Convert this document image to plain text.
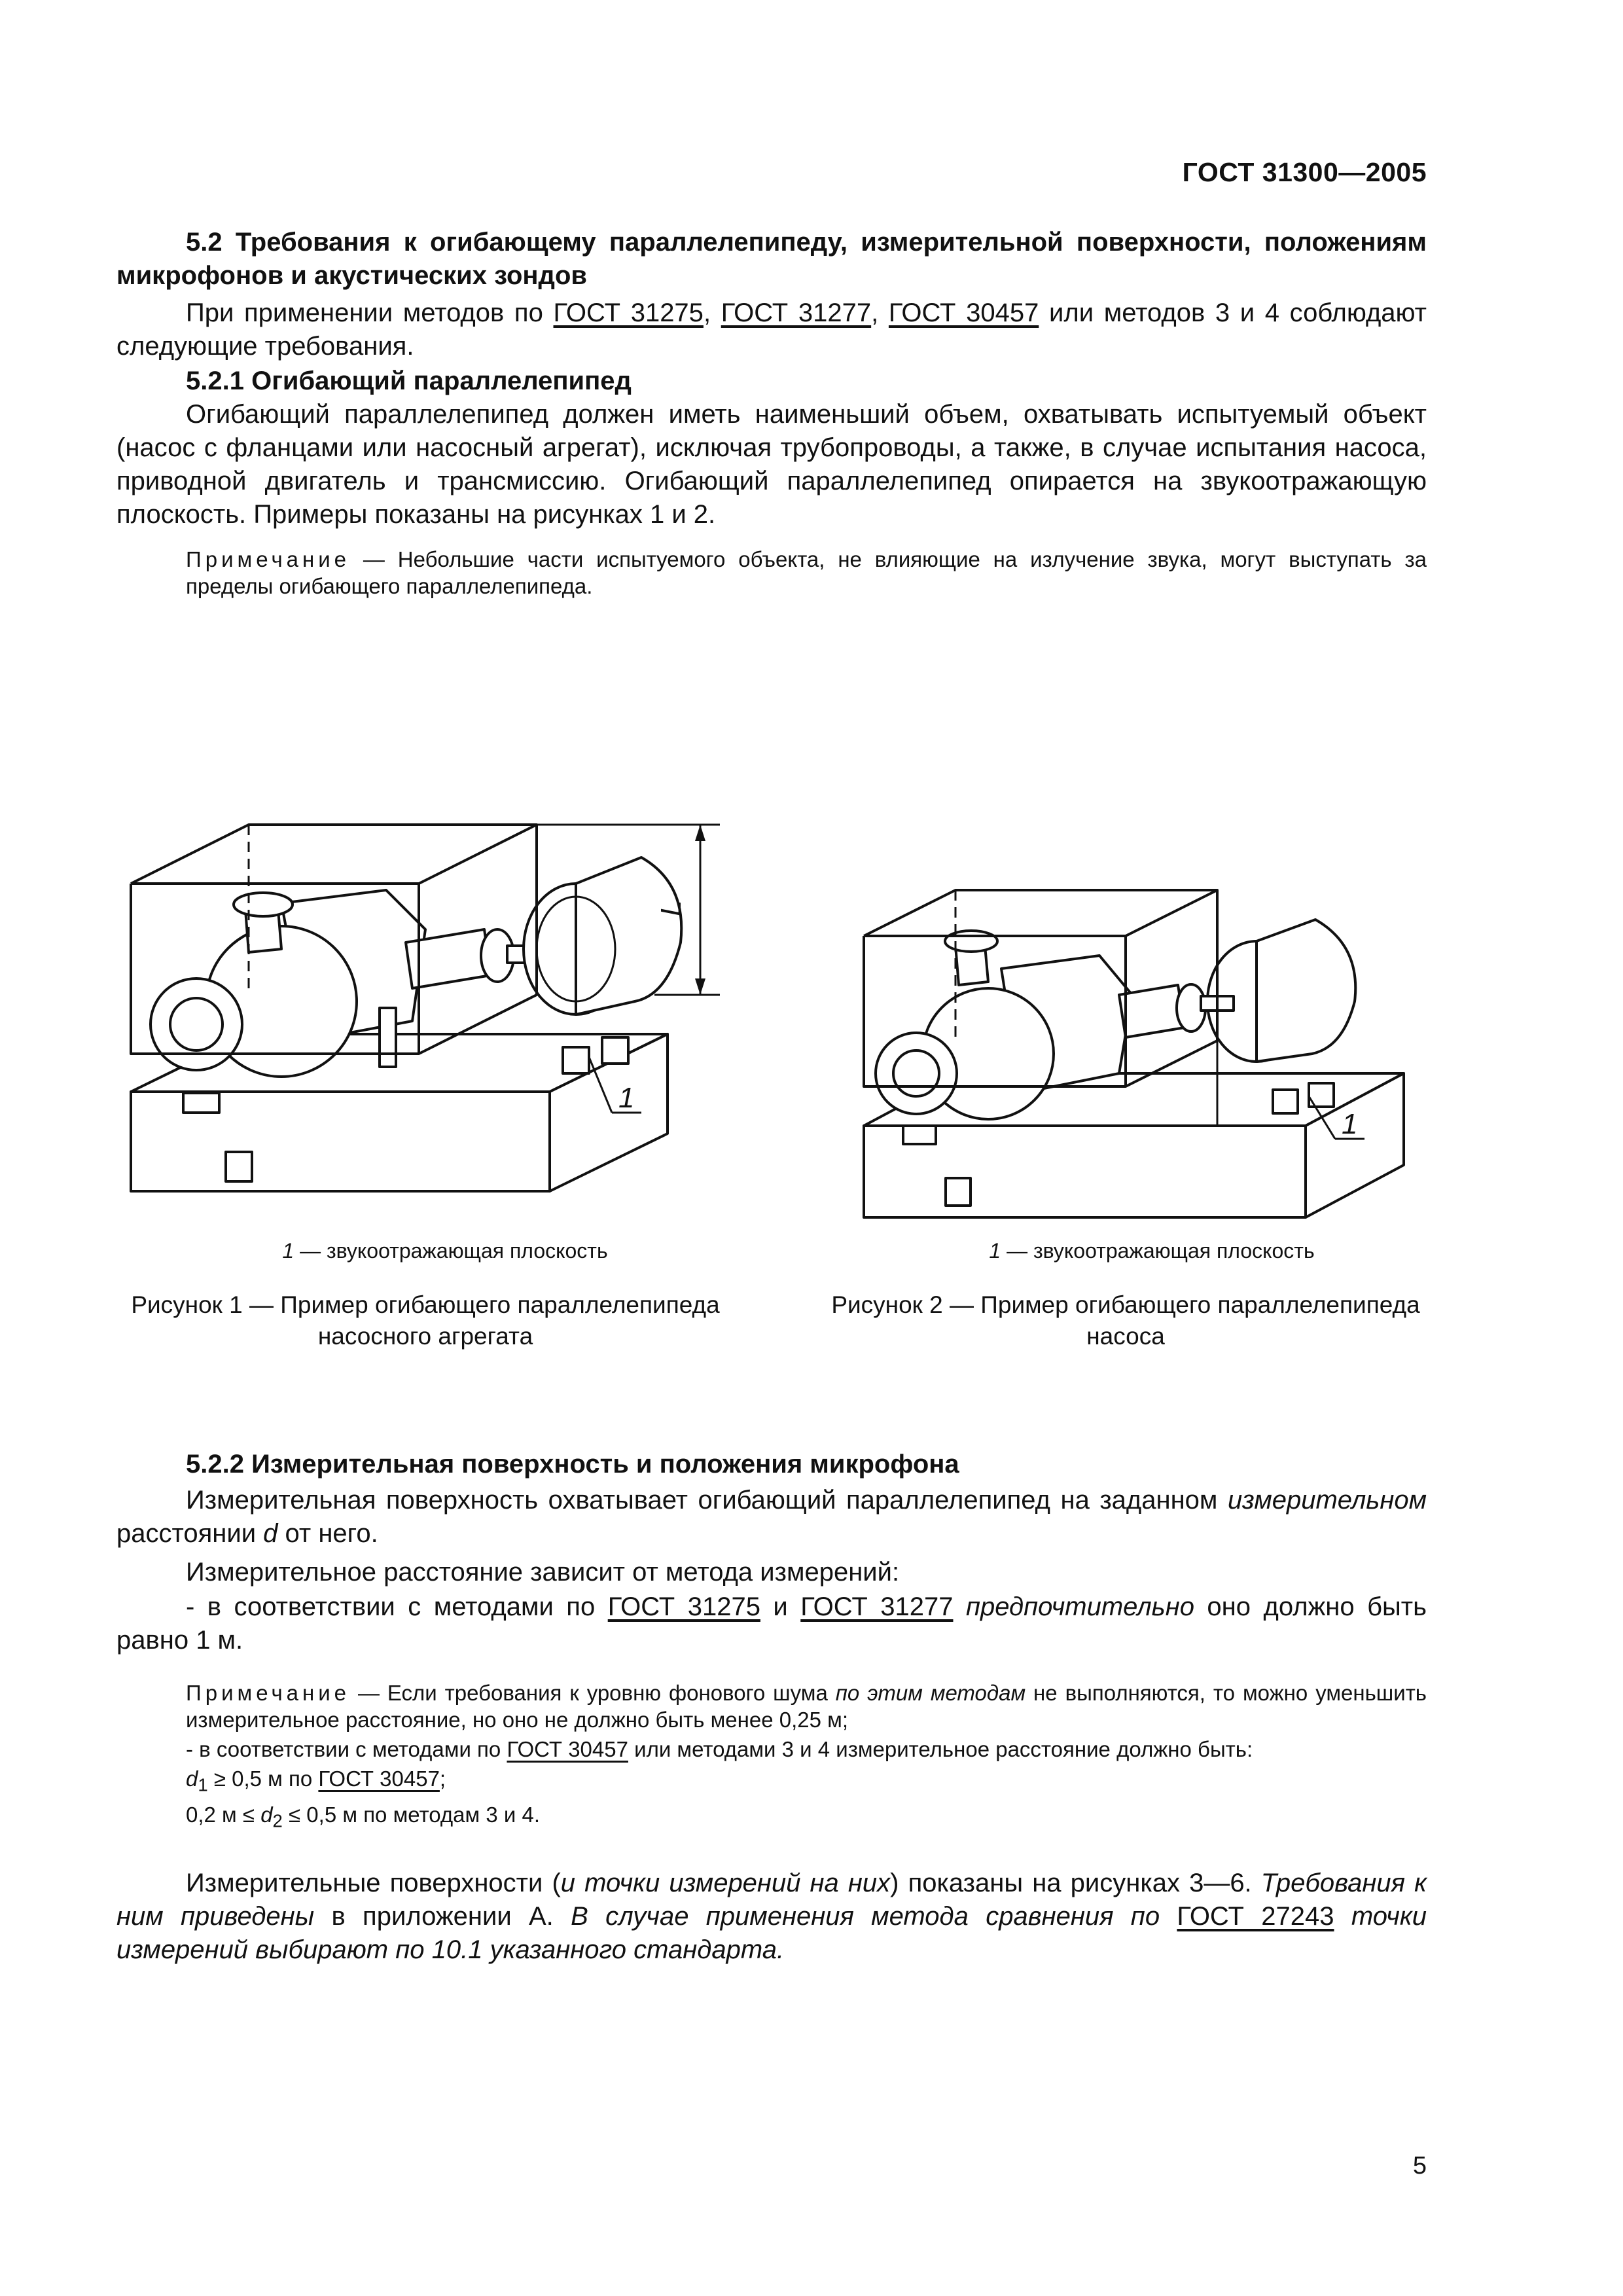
ГОСТ 31300—2005
5.2 Требования к огибающему параллелепипеду, измерительной поверхности, положениям микрофонов и акустических зондов
При применении методов по ГОСТ 31275, ГОСТ 31277, ГОСТ 30457 или методов 3 и 4 соблюдают следующие требования.
5.2.1 Огибающий параллелепипед
Огибающий параллелепипед должен иметь наименьший объем, охватывать испытуемый объект (насос с фланцами или насосный агрегат), исключая трубопроводы, а также, в случае испытания насоса, приводной двигатель и трансмиссию. Огибающий параллелепипед опирается на звукоотражающую плоскость. Примеры показаны на рисунках 1 и 2.
Примечание — Небольшие части испытуемого объекта, не влияющие на излучение звука, могут выступать за пределы огибающего параллелепипеда.
L
1
1
1 — звукоотражающая плоскость	1 — звукоотражающая плоскость
Рисунок 1 — Пример огибающего параллелепипеда насосного агрегата
Рисунок 2 — Пример огибающего параллелепипеда насоса
5.2.2 Измерительная поверхность и положения микрофона
Измерительная поверхность охватывает огибающий параллелепипед на заданном измерительном расстоянии d от него.
Измерительное расстояние зависит от метода измерений:
- в соответствии с методами по ГОСТ 31275 и ГОСТ 31277 предпочтительно оно должно быть равно 1 м.
Примечание — Если требования к уровню фонового шума по этим методам не выполняются, то можно уменьшить измерительное расстояние, но оно не должно быть менее 0,25 м;
- в соответствии с методами по ГОСТ 30457 или методами 3 и 4 измерительное расстояние должно быть:
$d_1 \ge 0,5$ м по ГОСТ 30457;
0,2 $м \le d_2 \le 0,5$ м по методам 3 и 4.
Измерительные поверхности (и точки измерений на них) показаны на рисунках 3—6. Требования к ним приведены в приложении А. В случае применения метода сравнения по ГОСТ 27243 точки измерений выбирают по 10.1 указанного стандарта.
5
